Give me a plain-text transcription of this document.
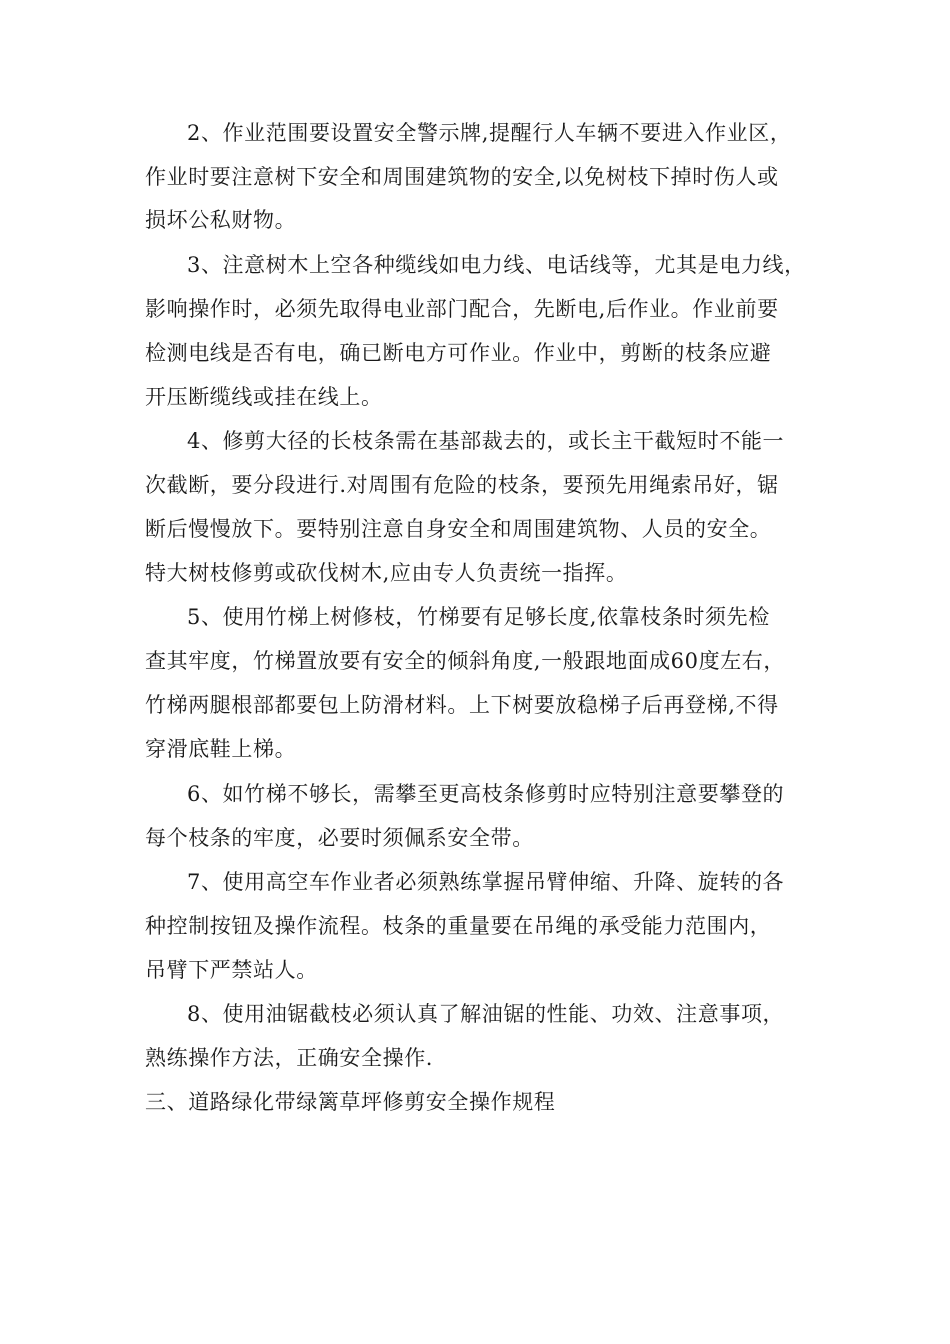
2、作业范围要设置安全警示牌,提醒行人车辆不要进入作业区，
作业时要注意树下安全和周围建筑物的安全,以免树枝下掉时伤人或
损坏公私财物。
3、注意树木上空各种缆线如电力线、电话线等，尤其是电力线，
影响操作时，必须先取得电业部门配合，先断电,后作业。作业前要
检测电线是否有电，确已断电方可作业。作业中，剪断的枝条应避
开压断缆线或挂在线上。
4、修剪大径的长枝条需在基部裁去的，或长主干截短时不能一
次截断，要分段进行.对周围有危险的枝条，要预先用绳索吊好，锯
断后慢慢放下。要特别注意自身安全和周围建筑物、人员的安全。
特大树枝修剪或砍伐树木,应由专人负责统一指挥。
5、使用竹梯上树修枝，竹梯要有足够长度,依靠枝条时须先检
查其牢度，竹梯置放要有安全的倾斜角度,一般跟地面成60度左右，
竹梯两腿根部都要包上防滑材料。上下树要放稳梯子后再登梯,不得
穿滑底鞋上梯。
6、如竹梯不够长，需攀至更高枝条修剪时应特别注意要攀登的
每个枝条的牢度，必要时须佩系安全带。
7、使用高空车作业者必须熟练掌握吊臂伸缩、升降、旋转的各
种控制按钮及操作流程。枝条的重量要在吊绳的承受能力范围内，
吊臂下严禁站人。
8、使用油锯截枝必须认真了解油锯的性能、功效、注意事项，
熟练操作方法，正确安全操作.
三、道路绿化带绿篱草坪修剪安全操作规程
